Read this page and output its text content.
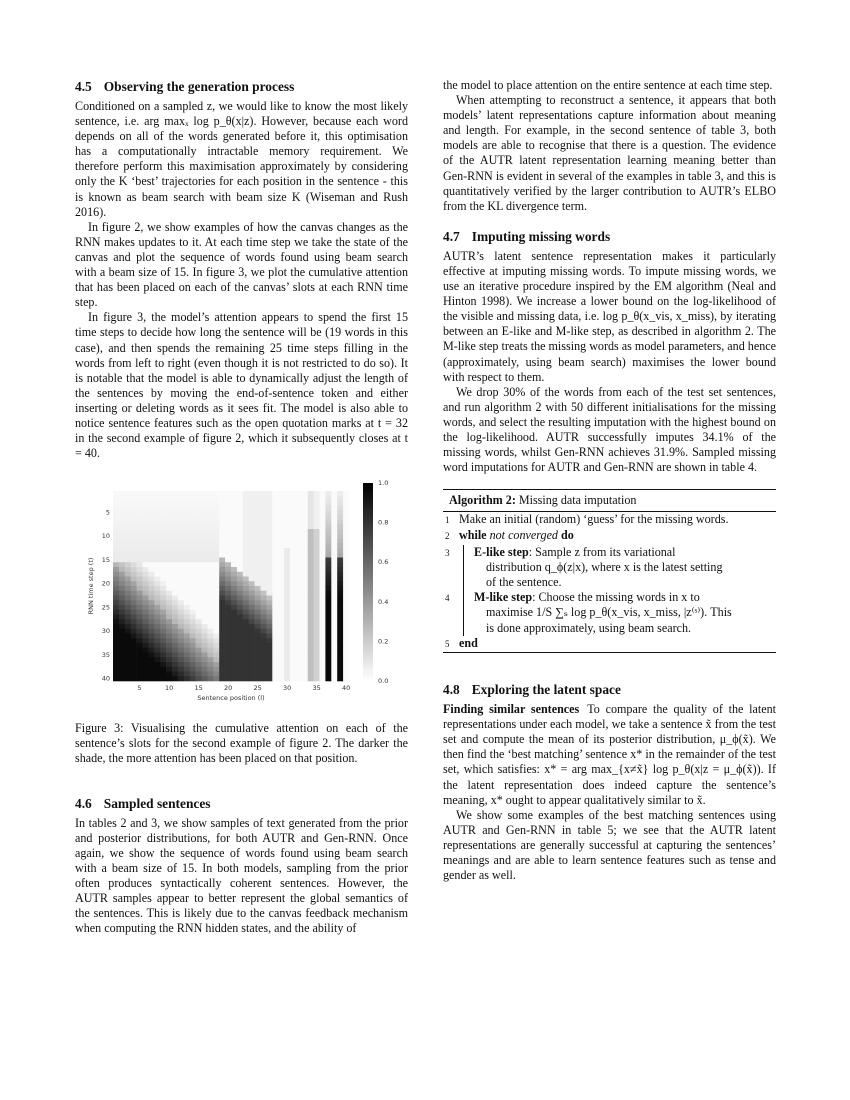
4.5 Observing the generation process

Conditioned on a sampled z, we would like to know the most likely sentence, i.e. arg maxₓ log p_θ(x|z). However, because each word depends on all of the words generated before it, this optimisation has a computationally intractable memory requirement. We therefore perform this maximisation approximately by considering only the K ‘best’ trajectories for each position in the sentence - this is known as beam search with beam size K (Wiseman and Rush 2016).

In figure 2, we show examples of how the canvas changes as the RNN makes updates to it. At each time step we take the state of the canvas and plot the sequence of words found using beam search with a beam size of 15. In figure 3, we plot the cumulative attention that has been placed on each of the canvas’ slots at each RNN time step.

In figure 3, the model’s attention appears to spend the first 15 time steps to decide how long the sentence will be (19 words in this case), and then spends the remaining 25 time steps filling in the words from left to right (even though it is not restricted to do so). It is notable that the model is able to dynamically adjust the length of the sentences by moving the end-of-sentence token and either inserting or deleting words as it sees fit. The model is also able to notice sentence features such as the open quotation marks at t = 32 in the second example of figure 2, which it subsequently closes at t = 40.

5	10	15	20	25	30	35	40
5
10
15
20
25
30
35
40
Sentence position (l)
RNN time step (t)
1.0
0.8
0.6
0.4
0.2
0.0
Figure 3: Visualising the cumulative attention on each of the sentence’s slots for the second example of figure 2. The darker the shade, the more attention has been placed on that position.
4.6 Sampled sentences

In tables 2 and 3, we show samples of text generated from the prior and posterior distributions, for both AUTR and Gen-RNN. Once again, we show the sequence of words found using beam search with a beam size of 15. In both models, sampling from the prior often produces syntactically coherent sentences. However, the AUTR samples appear to better represent the global semantics of the sentences. This is likely due to the canvas feedback mechanism when computing the RNN hidden states, and the ability of

the model to place attention on the entire sentence at each time step.

When attempting to reconstruct a sentence, it appears that both models’ latent representations capture information about meaning and length. For example, in the second sentence of table 3, both models are able to recognise that there is a question. The evidence of the AUTR latent representation learning meaning better than Gen-RNN is evident in several of the examples in table 3, and this is quantitatively verified by the larger contribution to AUTR’s ELBO from the KL divergence term.

4.7 Imputing missing words

AUTR’s latent sentence representation makes it particularly effective at imputing missing words. To impute missing words, we use an iterative procedure inspired by the EM algorithm (Neal and Hinton 1998). We increase a lower bound on the log-likelihood of the visible and missing data, i.e. log p_θ(x_vis, x_miss), by iterating between an E-like and M-like step, as described in algorithm 2. The M-like step treats the missing words as model parameters, and hence (approximately, using beam search) maximises the lower bound with respect to them.

We drop 30% of the words from each of the test set sentences, and run algorithm 2 with 50 different initialisations for the missing words, and select the resulting imputation with the highest bound on the log-likelihood. AUTR successfully imputes 34.1% of the missing words, whilst Gen-RNN achieves 31.9%. Sampled missing word imputations for AUTR and Gen-RNN are shown in table 4.

Algorithm 2: Missing data imputation
1 Make an initial (random) ‘guess’ for the missing words.
2 while not converged do
3	E-like step: Sample z from its variational
distribution q_ϕ(z|x), where x is the latest setting
of the sentence.
4	M-like step: Choose the missing words in x to
maximise 1/S ∑ₛ log p_θ(x_vis, x_miss, |z⁽ˢ⁾). This
is done approximately, using beam search.
5 end
4.8 Exploring the latent space

Finding similar sentences To compare the quality of the latent representations under each model, we take a sentence x̃ from the test set and compute the mean of its posterior distribution, μ_ϕ(x̃). We then find the ‘best matching’ sentence x* in the remainder of the test set, which satisfies: x* = arg max_{x≠x̃} log p_θ(x|z = μ_ϕ(x̃)). If the latent representation does indeed capture the sentence’s meaning, x* ought to appear qualitatively similar to x̃.

We show some examples of the best matching sentences using AUTR and Gen-RNN in table 5; we see that the AUTR latent representations are generally successful at capturing the sentences’ meanings and are able to learn sentence features such as tense and gender as well.
